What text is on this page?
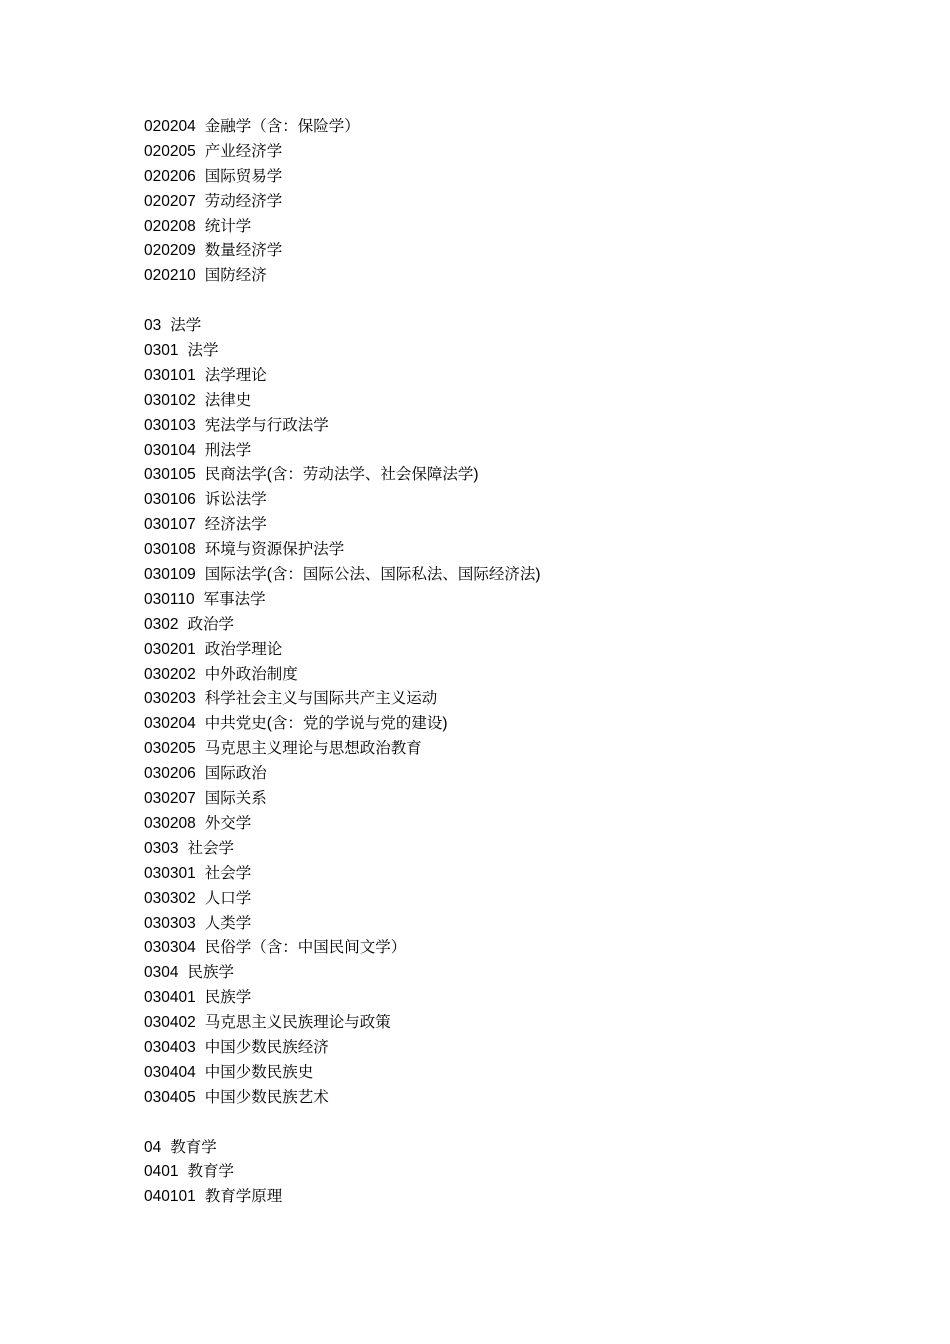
020204 金融学（含：保险学）
020205 产业经济学
020206 国际贸易学
020207 劳动经济学
020208 统计学
020209 数量经济学
020210 国防经济
03 法学
0301 法学
030101 法学理论
030102 法律史
030103 宪法学与行政法学
030104 刑法学
030105 民商法学(含：劳动法学、社会保障法学)
030106 诉讼法学
030107 经济法学
030108 环境与资源保护法学
030109 国际法学(含：国际公法、国际私法、国际经济法)
030110 军事法学
0302 政治学
030201 政治学理论
030202 中外政治制度
030203 科学社会主义与国际共产主义运动
030204 中共党史(含：党的学说与党的建设)
030205 马克思主义理论与思想政治教育
030206 国际政治
030207 国际关系
030208 外交学
0303 社会学
030301 社会学
030302 人口学
030303 人类学
030304 民俗学（含：中国民间文学）
0304 民族学
030401 民族学
030402 马克思主义民族理论与政策
030403 中国少数民族经济
030404 中国少数民族史
030405 中国少数民族艺术
04 教育学
0401 教育学
040101 教育学原理
